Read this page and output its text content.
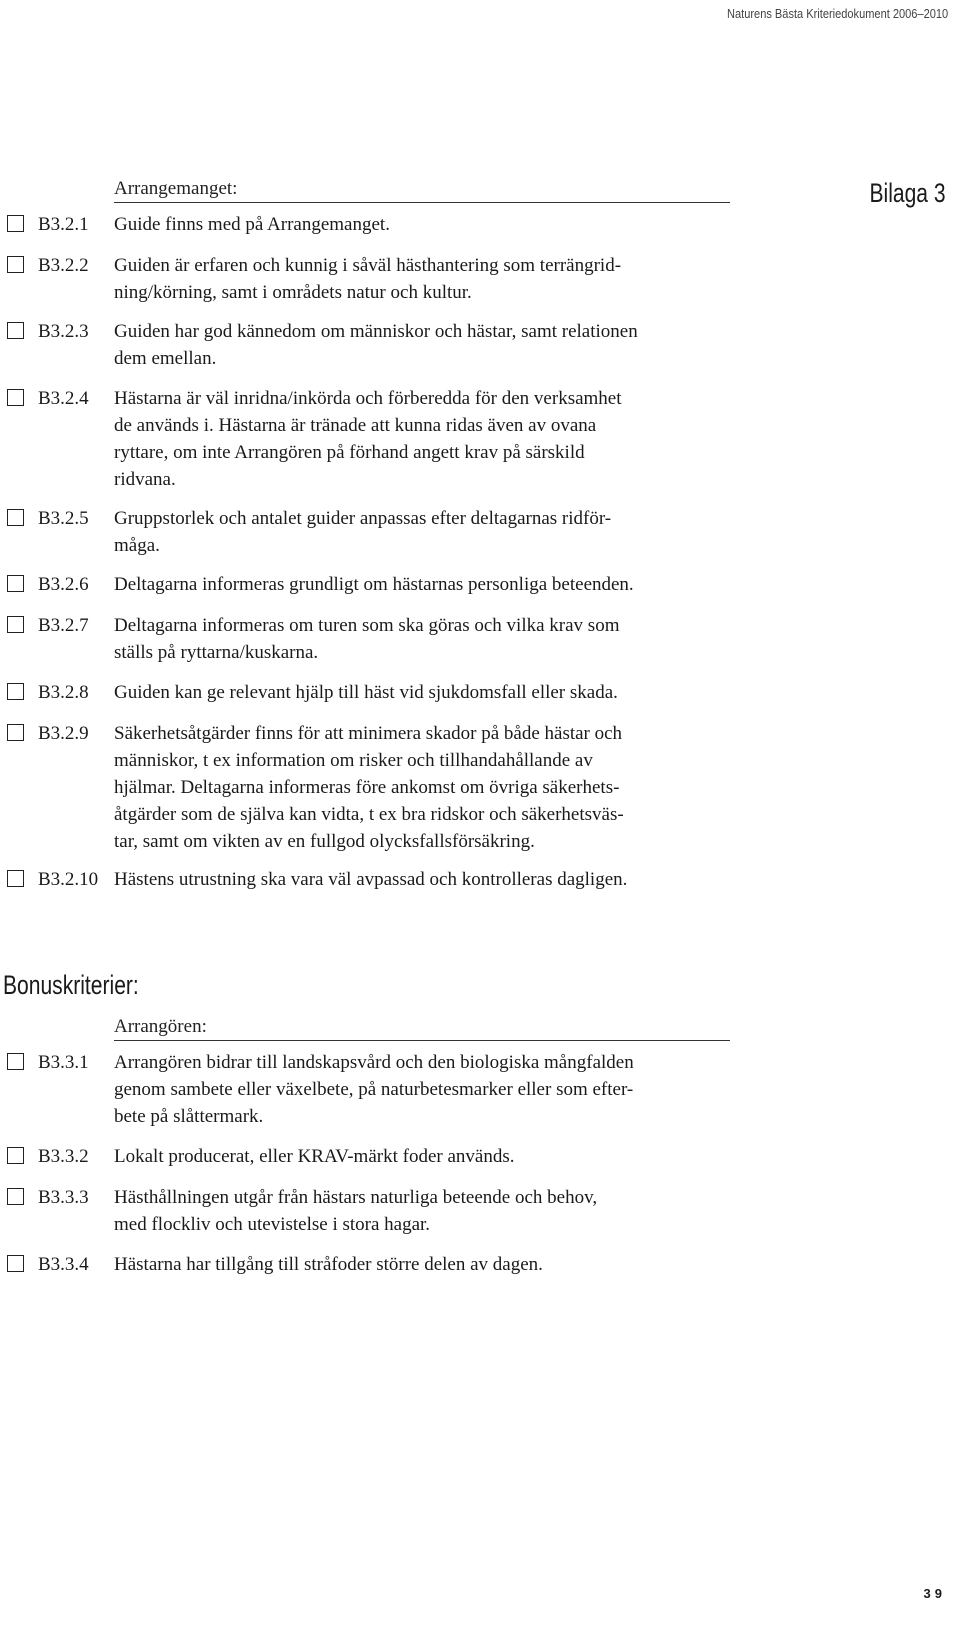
Naturens Bästa Kriteriedokument 2006–2010
Bilaga 3
Arrangemanget:
B3.2.1 Guide finns med på Arrangemanget.
B3.2.2 Guiden är erfaren och kunnig i såväl hästhantering som terrängrid-
ning/körning, samt i områdets natur och kultur.
B3.2.3 Guiden har god kännedom om människor och hästar, samt relationen
dem emellan.
B3.2.4 Hästarna är väl inridna/inkörda och förberedda för den verksamhet
de används i. Hästarna är tränade att kunna ridas även av ovana
ryttare, om inte Arrangören på förhand angett krav på särskild
ridvana.
B3.2.5 Gruppstorlek och antalet guider anpassas efter deltagarnas ridför-
måga.
B3.2.6 Deltagarna informeras grundligt om hästarnas personliga beteenden.
B3.2.7 Deltagarna informeras om turen som ska göras och vilka krav som
ställs på ryttarna/kuskarna.
B3.2.8 Guiden kan ge relevant hjälp till häst vid sjukdomsfall eller skada.
B3.2.9 Säkerhetsåtgärder finns för att minimera skador på både hästar och
människor, t ex information om risker och tillhandahållande av
hjälmar. Deltagarna informeras före ankomst om övriga säkerhets-
åtgärder som de själva kan vidta, t ex bra ridskor och säkerhetsväs-
tar, samt om vikten av en fullgod olycksfallsförsäkring.
B3.2.10 Hästens utrustning ska vara väl avpassad och kontrolleras dagligen.
Bonuskriterier:
Arrangören:
B3.3.1 Arrangören bidrar till landskapsvård och den biologiska mångfalden
genom sambete eller växelbete, på naturbetesmarker eller som efter-
bete på slåttermark.
B3.3.2 Lokalt producerat, eller KRAV-märkt foder används.
B3.3.3 Hästhållningen utgår från hästars naturliga beteende och behov,
med flockliv och utevistelse i stora hagar.
B3.3.4 Hästarna har tillgång till stråfoder större delen av dagen.
39
